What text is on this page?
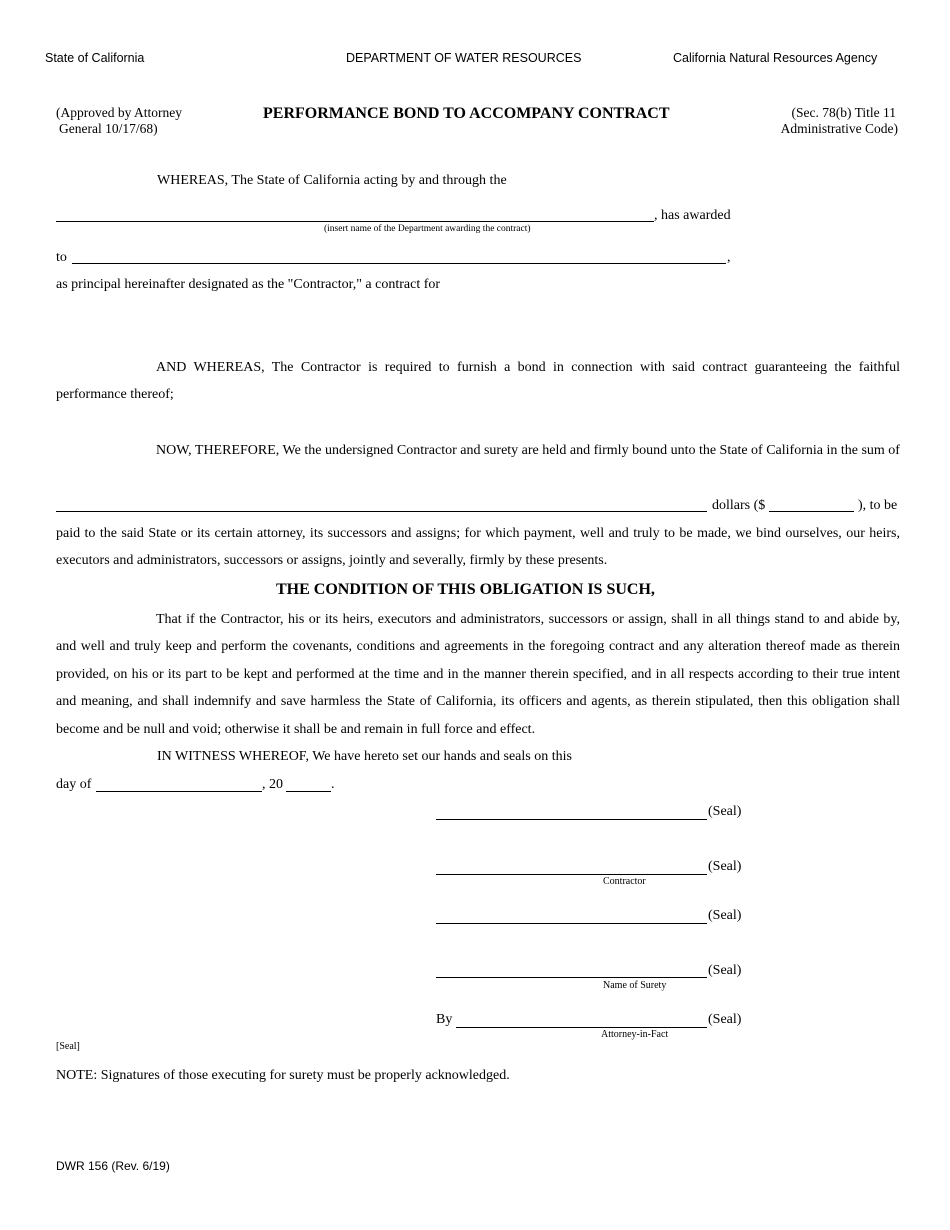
State of California	DEPARTMENT OF WATER RESOURCES	California Natural Resources Agency
(Approved by Attorney
General 10/17/68)
(Sec. 78(b) Title 11
Administrative Code)
PERFORMANCE BOND TO ACCOMPANY CONTRACT
WHEREAS, The State of California acting by and through the
, has awarded
(insert name of the Department awarding the contract)
to	,
as principal hereinafter designated as the "Contractor," a contract for
AND WHEREAS, The Contractor is required to furnish a bond in connection with said contract guaranteeing the faithful performance thereof;
NOW, THEREFORE, We the undersigned Contractor and surety are held and firmly bound unto the State of California in the sum of
dollars ($	), to be
paid to the said State or its certain attorney, its successors and assigns; for which payment, well and truly to be made, we bind ourselves, our heirs, executors and administrators, successors or assigns, jointly and severally, firmly by these presents.
THE CONDITION OF THIS OBLIGATION IS SUCH,
That if the Contractor, his or its heirs, executors and administrators, successors or assign, shall in all things stand to and abide by, and well and truly keep and perform the covenants, conditions and agreements in the foregoing contract and any alteration thereof made as therein provided, on his or its part to be kept and performed at the time and in the manner therein specified, and in all respects according to their true intent and meaning, and shall indemnify and save harmless the State of California, its officers and agents, as therein stipulated, then this obligation shall become and be null and void; otherwise it shall be and remain in full force and effect.
IN WITNESS WHEREOF, We have hereto set our hands and seals on this
day of	, 20	.
(Seal)
(Seal)
Contractor
(Seal)
(Seal)
Name of Surety
By	(Seal)
Attorney-in-Fact
[Seal]
NOTE: Signatures of those executing for surety must be properly acknowledged.
DWR 156 (Rev. 6/19)
